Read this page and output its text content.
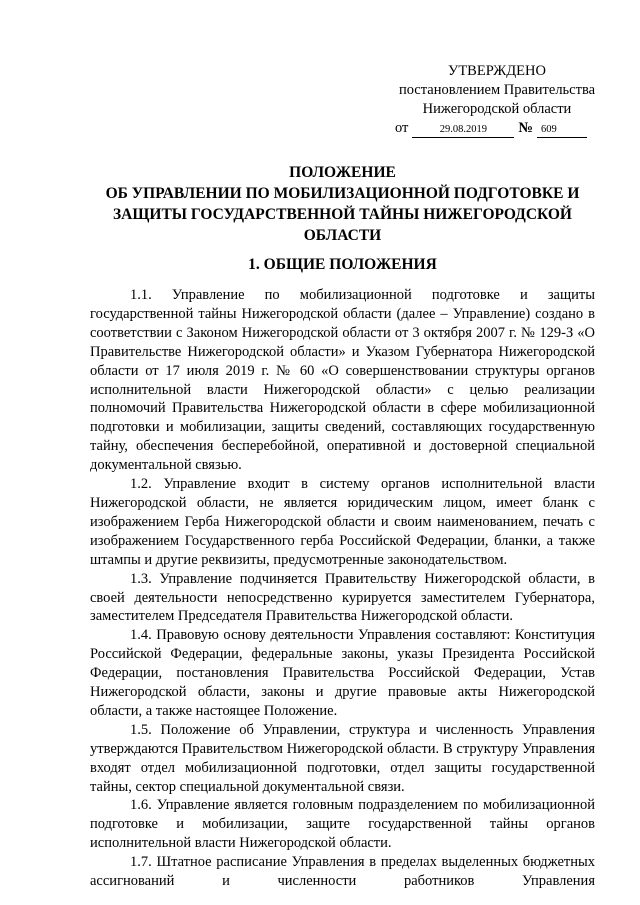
УТВЕРЖДЕНО
постановлением Правительства
Нижегородской области
от	29.08.2019 № 609
ПОЛОЖЕНИЕ
ОБ УПРАВЛЕНИИ ПО МОБИЛИЗАЦИОННОЙ ПОДГОТОВКЕ И
ЗАЩИТЫ ГОСУДАРСТВЕННОЙ ТАЙНЫ НИЖЕГОРОДСКОЙ
ОБЛАСТИ
1. ОБЩИЕ ПОЛОЖЕНИЯ

1.1. Управление по мобилизационной подготовке и защиты государственной тайны Нижегородской области (далее – Управление) создано в соответствии с Законом Нижегородской области от 3 октября 2007 г. № 129-З «О Правительстве Нижегородской области» и Указом Губернатора Нижегородской области от 17 июля 2019 г. № 60 «О совершенствовании структуры органов исполнительной власти Нижегородской области» с целью реализации полномочий Правительства Нижегородской области в сфере мобилизационной подготовки и мобилизации, защиты сведений, составляющих государственную тайну, обеспечения бесперебойной, оперативной и достоверной специальной документальной связью.

1.2. Управление входит в систему органов исполнительной власти Нижегородской области, не является юридическим лицом, имеет бланк с изображением Герба Нижегородской области и своим наименованием, печать с изображением Государственного герба Российской Федерации, бланки, а также штампы и другие реквизиты, предусмотренные законодательством.

1.3. Управление подчиняется Правительству Нижегородской области, в своей деятельности непосредственно курируется заместителем Губернатора, заместителем Председателя Правительства Нижегородской области.

1.4. Правовую основу деятельности Управления составляют: Конституция Российской Федерации, федеральные законы, указы Президента Российской Федерации, постановления Правительства Российской Федерации, Устав Нижегородской области, законы и другие правовые акты Нижегородской области, а также настоящее Положение.

1.5. Положение об Управлении, структура и численность Управления утверждаются Правительством Нижегородской области. В структуру Управления входят отдел мобилизационной подготовки, отдел защиты государственной тайны, сектор специальной документальной связи.

1.6. Управление является головным подразделением по мобилизационной подготовке и мобилизации, защите государственной тайны органов исполнительной власти Нижегородской области.

1.7. Штатное расписание Управления в пределах выделенных бюджетных ассигнований и численности работников Управления
